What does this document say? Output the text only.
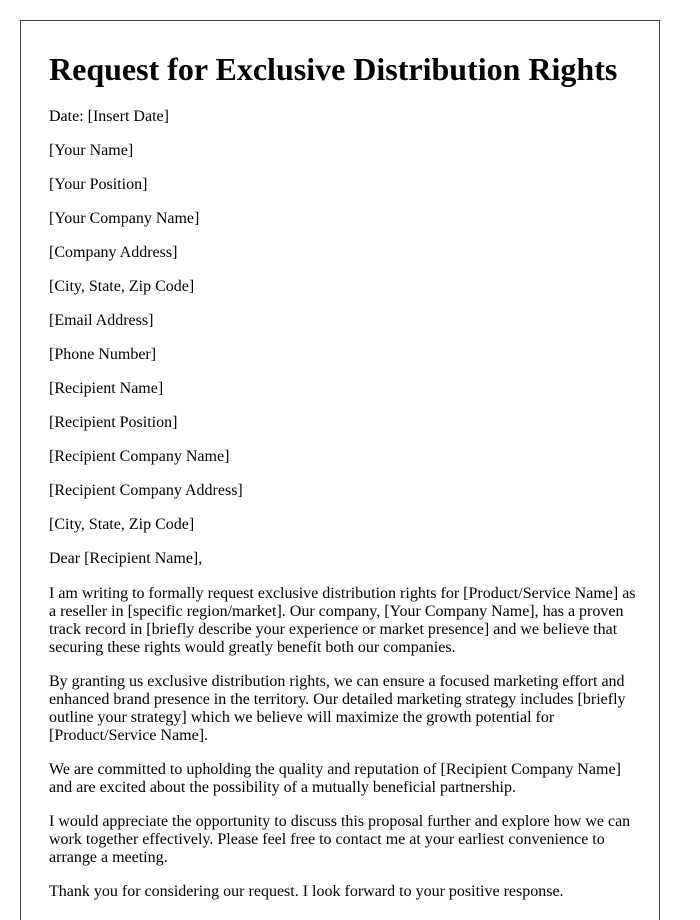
Request for Exclusive Distribution Rights

Date: [Insert Date]

[Your Name]

[Your Position]

[Your Company Name]

[Company Address]

[City, State, Zip Code]

[Email Address]

[Phone Number]

[Recipient Name]

[Recipient Position]

[Recipient Company Name]

[Recipient Company Address]

[City, State, Zip Code]

Dear [Recipient Name],

I am writing to formally request exclusive distribution rights for [Product/Service Name] as a reseller in [specific region/market]. Our company, [Your Company Name], has a proven track record in [briefly describe your experience or market presence] and we believe that securing these rights would greatly benefit both our companies.

By granting us exclusive distribution rights, we can ensure a focused marketing effort and enhanced brand presence in the territory. Our detailed marketing strategy includes [briefly outline your strategy] which we believe will maximize the growth potential for [Product/Service Name].

We are committed to upholding the quality and reputation of [Recipient Company Name] and are excited about the possibility of a mutually beneficial partnership.

I would appreciate the opportunity to discuss this proposal further and explore how we can work together effectively. Please feel free to contact me at your earliest convenience to arrange a meeting.

Thank you for considering our request. I look forward to your positive response.
